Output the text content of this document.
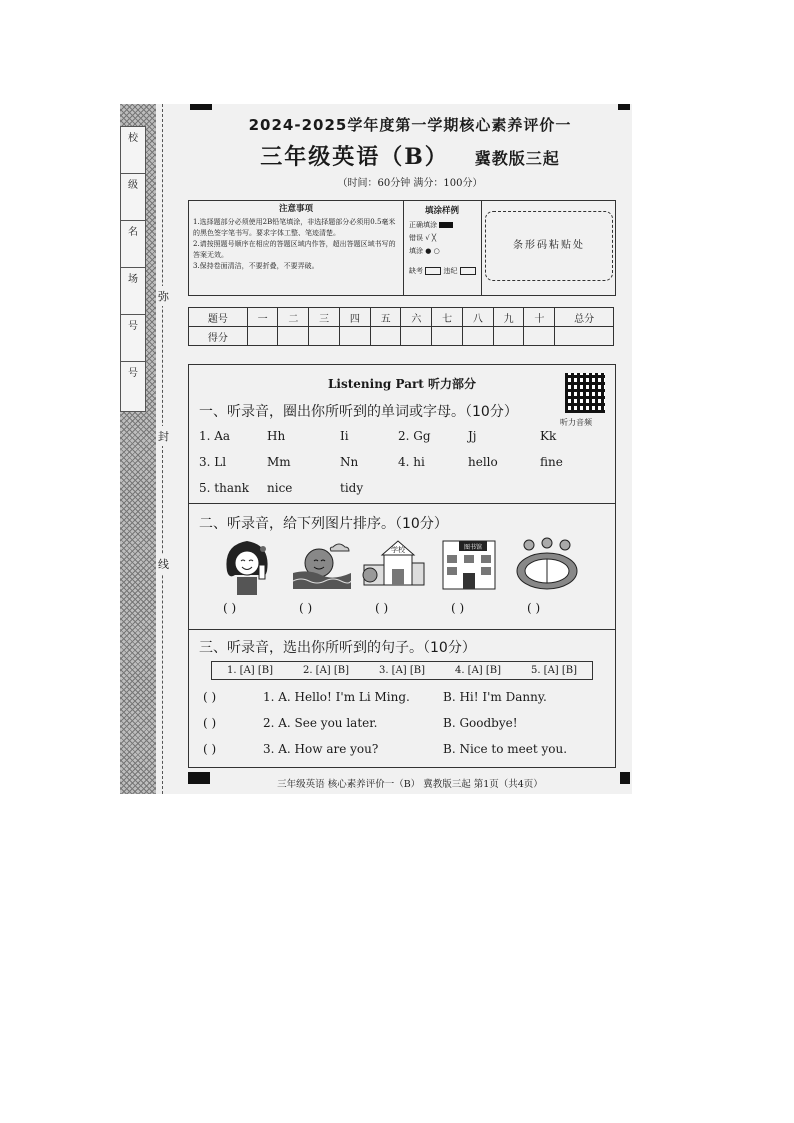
校
级
名
场
号
号
弥
封
线
2024-2025学年度第一学期核心素养评价一
三年级英语（B） 冀教版三起
（时间：60分钟 满分：100分）
注意事项

1.选择题部分必须使用2B铅笔填涂，非选择题部分必须用0.5毫米的黑色签字笔书写。要求字体工整、笔迹清楚。

2.请按照题号顺序在相应的答题区域内作答，超出答题区域书写的答案无效。

3.保持卷面清洁，不要折叠，不要弄破。

填涂样例
正确填涂
错误 √ ╳
填涂 ● ○
缺考	违纪
条形码粘贴处
题号	一	二	三	四	五	六	七	八	九	十	总分
得分											
Listening Part 听力部分
听力音频
一、听录音，圈出你所听到的单词或字母。（10分）
1. Aa	Hh	Ii	2. Gg	Jj	Kk
3. Ll	Mm	Nn	4. hi	hello	fine
5. thank nice	tidy
二、听录音，给下列图片排序。（10分）
学校	图书馆
( )	( )	( )	( )	( )
三、听录音，选出你所听到的句子。（10分）
1. [A] [B]	2. [A] [B]	3. [A] [B]	4. [A] [B]	5. [A] [B]
( )	1. A. Hello! I'm Li Ming.	B. Hi! I'm Danny.
( )	2. A. See you later.	B. Goodbye!
( )	3. A. How are you?	B. Nice to meet you.
三年级英语 核心素养评价一（B） 冀教版三起 第1页（共4页）
